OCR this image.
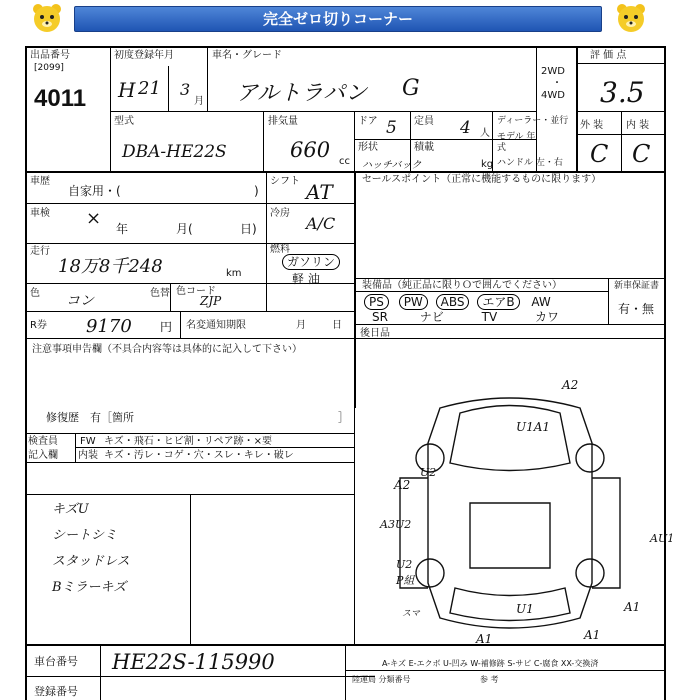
完全ゼロ切りコーナー
出品番号
[2099]
4011
初度登録年月
H 21 3
月
車名・グレード
アルトラパン G
2WD
・
4WD
評 価 点
3.5
型式
DBA-HE22S
排気量
660 cc
ドア 5 定員 4 人
形状
ハッチバック
積載
kg
ディーラー・並行
モデル 年式
ハンドル 左・右
外 装 内 装
C C
車歴
自家用・(	)
シフト AT
セールスポイント（正常に機能するものに限ります）
車検 × 年	月(	日)
冷房
A/C
走行
18万8千248	km
燃料
ガソリン
軽 油
色 コン	色替 色コード
ZJP
装備品（純正品に限りＯで囲んでください）	新車保証書
有・無
PS PW ABS エアB AW
SR	ナビ	TV	カワ
後日品
R券 9170 円 名変通知期限	月	日
注意事項申告欄（不具合内容等は具体的に記入して下さい）
修復歴　有［箇所	］
検査員
記入欄
FW キズ・飛石・ヒビ割・リペア跡・×要
内装 キズ・汚レ・コゲ・穴・スレ・キレ・破レ
キズU
シートシミ
スタッドレス
Bミラーキズ
A2
U1A1
A2
U2
A3U2
AU1
U2
P組
U1	A1
A1	A1
スマ
車台番号 HE22S-115990
登録番号
A-キズ E-エクボ U-凹み W-補修跡 S-サビ C-腐食 XX-交換済
陸運局 分類番号	参 考
